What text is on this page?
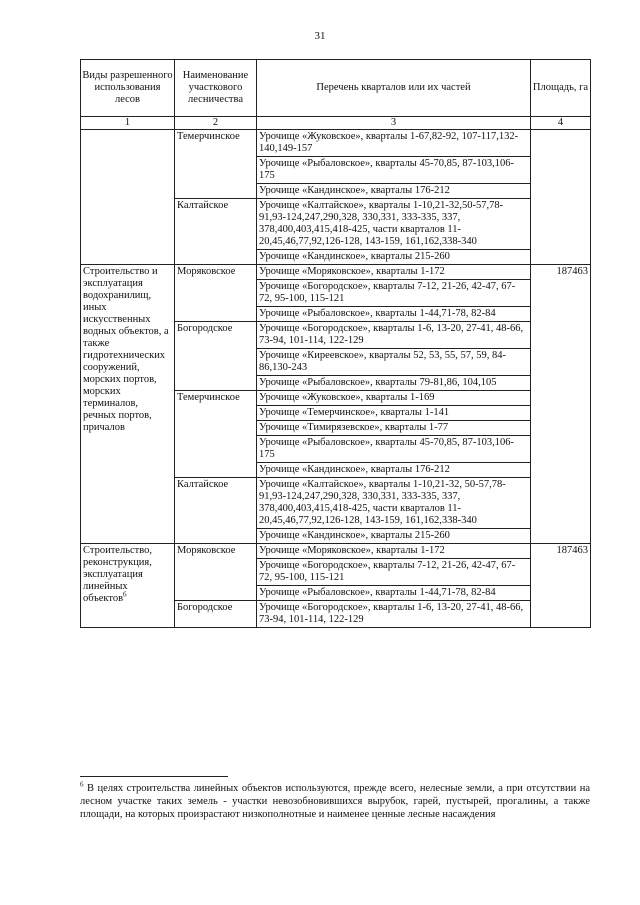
31
Виды разрешенного использования лесов	Наименование участкового лесничества	Перечень кварталов или их частей	Площадь, га
1	2	3	4
	Темерчинское	Урочище «Жуковское», кварталы 1-67,82-92, 107-117,132-140,149-157	
		Урочище «Рыбаловское», кварталы 45-70,85, 87-103,106-175	
		Урочище «Кандинское», кварталы 176-212	
	Калтайское	Урочище «Калтайское», кварталы 1-10,21-32,50-57,78-91,93-124,247,290,328, 330,331, 333-335, 337, 378,400,403,415,418-425, части кварталов 11-20,45,46,77,92,126-128, 143-159, 161,162,338-340	
		Урочище «Кандинское», кварталы 215-260	
Строительство и эксплуатация водохранилищ, иных искусственных водных объектов, а также гидротехнических сооружений, морских портов, морских терминалов, речных портов, причалов	Моряковское	Урочище «Моряковское», кварталы 1-172	187463
		Урочище «Богородское», кварталы 7-12, 21-26, 42-47, 67-72, 95-100, 115-121	
		Урочище «Рыбаловское», кварталы 1-44,71-78, 82-84	
	Богородское	Урочище «Богородское», кварталы 1-6, 13-20, 27-41, 48-66, 73-94, 101-114, 122-129	
		Урочище «Киреевское», кварталы 52, 53, 55, 57, 59, 84-86,130-243	
		Урочище «Рыбаловское», кварталы 79-81,86, 104,105	
	Темерчинское	Урочище «Жуковское», кварталы 1-169	
		Урочище «Темерчинское», кварталы 1-141	
		Урочище «Тимирязевское», кварталы 1-77	
		Урочище «Рыбаловское», кварталы 45-70,85, 87-103,106-175	
		Урочище «Кандинское», кварталы 176-212	
	Калтайское	Урочище «Калтайское», кварталы 1-10,21-32, 50-57,78-91,93-124,247,290,328, 330,331, 333-335, 337, 378,400,403,415,418-425, части кварталов 11-20,45,46,77,92,126-128, 143-159, 161,162,338-340	
		Урочище «Кандинское», кварталы 215-260	
Строительство, реконструкция, эксплуатация линейных объектов$^6$	Моряковское	Урочище «Моряковское», кварталы 1-172	187463
		Урочище «Богородское», кварталы 7-12, 21-26, 42-47, 67-72, 95-100, 115-121	
		Урочище «Рыбаловское», кварталы 1-44,71-78, 82-84	
	Богородское	Урочище «Богородское», кварталы 1-6, 13-20, 27-41, 48-66, 73-94, 101-114, 122-129	
$^6$ В целях строительства линейных объектов используются, прежде всего, нелесные земли, а при отсутствии на лесном участке таких земель - участки невозобновившихся вырубок, гарей, пустырей, прогалины, а также площади, на которых произрастают низкополнотные и наименее ценные лесные насаждения
